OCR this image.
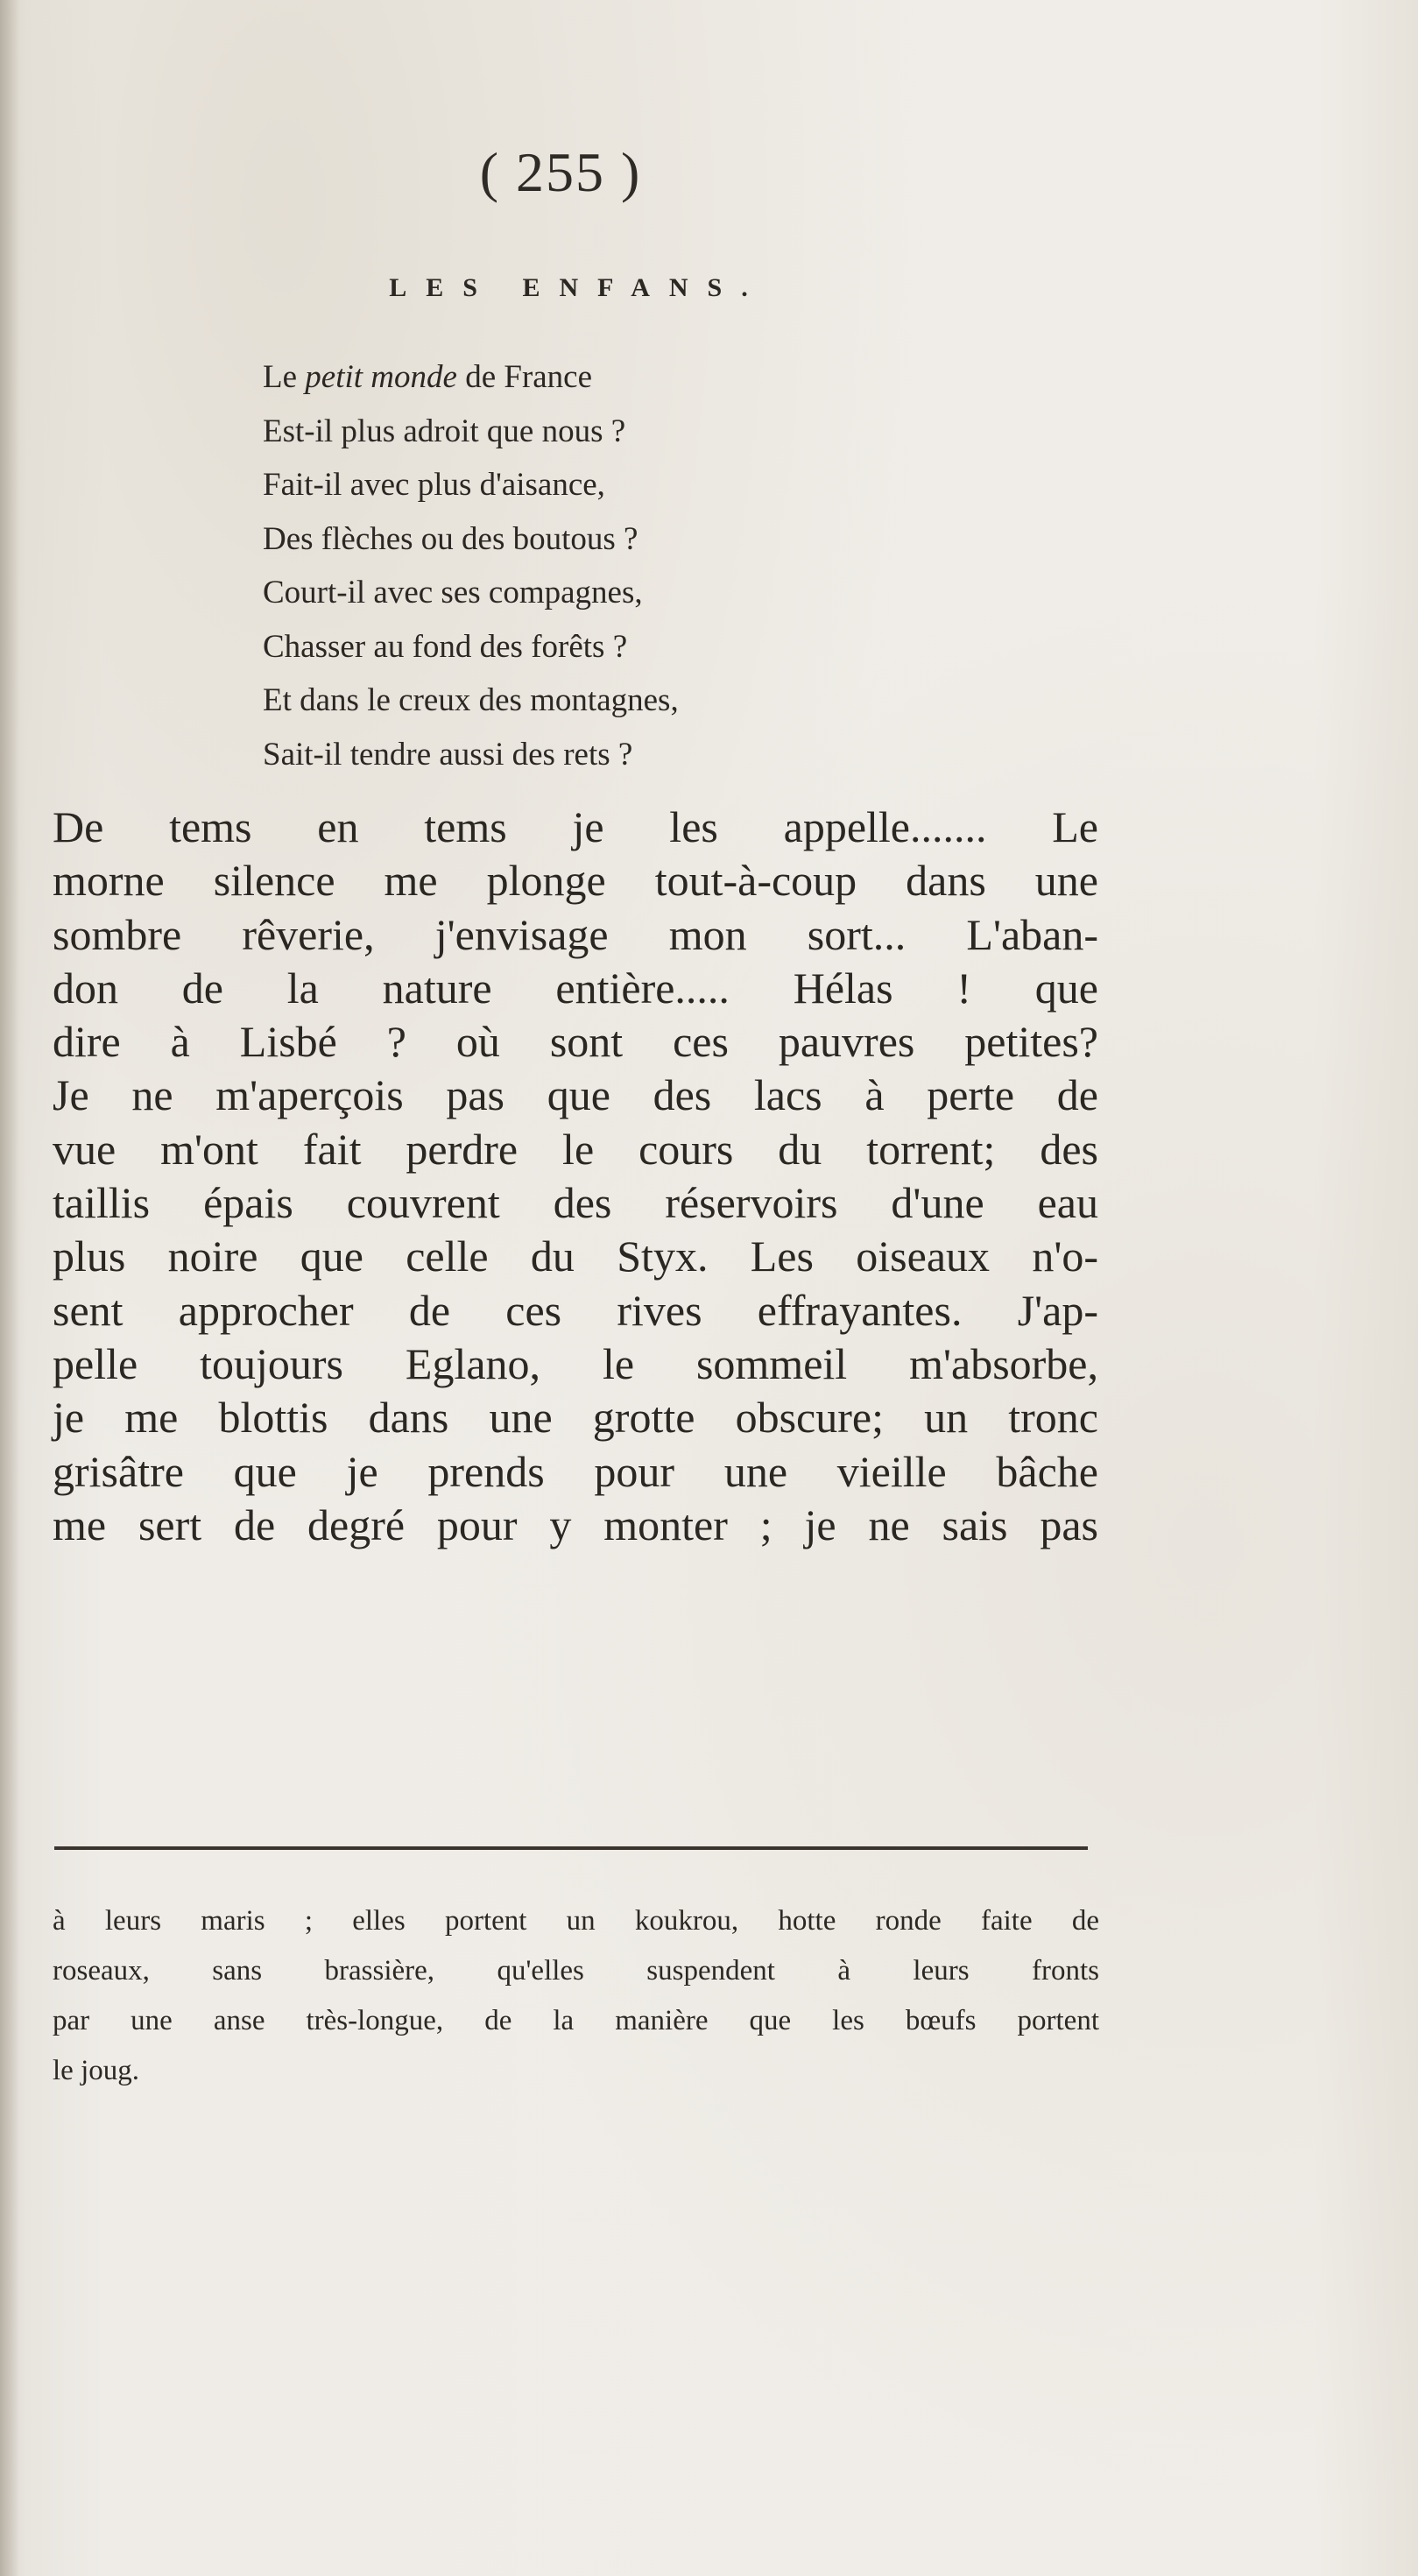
( 255 )
LES ENFANS.
Le petit monde de France
Est-il plus adroit que nous ?
Fait-il avec plus d'aisance,
Des flèches ou des boutous ?
Court-il avec ses compagnes,
Chasser au fond des forêts ?
Et dans le creux des montagnes,
Sait-il tendre aussi des rets ?
De tems en tems je les appelle....... Le
morne silence me plonge tout-à-coup dans une
sombre rêverie, j'envisage mon sort... L'aban-
don de la nature entière..... Hélas ! que
dire à Lisbé ? où sont ces pauvres petites?
Je ne m'aperçois pas que des lacs à perte de
vue m'ont fait perdre le cours du torrent; des
taillis épais couvrent des réservoirs d'une eau
plus noire que celle du Styx. Les oiseaux n'o-
sent approcher de ces rives effrayantes. J'ap-
pelle toujours Eglano, le sommeil m'absorbe,
je me blottis dans une grotte obscure; un tronc
grisâtre que je prends pour une vieille bâche
me sert de degré pour y monter ; je ne sais pas
à leurs maris ; elles portent un koukrou, hotte ronde faite de
roseaux, sans brassière, qu'elles suspendent à leurs fronts
par une anse très-longue, de la manière que les bœufs portent
le joug.
